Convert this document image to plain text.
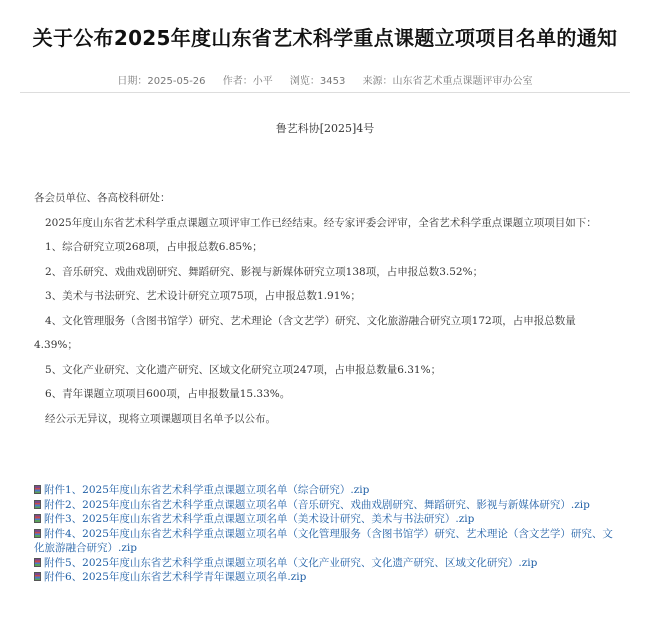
关于公布2025年度山东省艺术科学重点课题立项项目名单的通知
日期：2025-05-26 作者：小平 浏览：3453 来源：山东省艺术重点课题评审办公室
鲁艺科协[2025]4号

各会员单位、各高校科研处：

2025年度山东省艺术科学重点课题立项评审工作已经结束。经专家评委会评审，全省艺术科学重点课题立项项目如下：

1、综合研究立项268项，占申报总数6.85%；

2、音乐研究、戏曲戏剧研究、舞蹈研究、影视与新媒体研究立项138项，占申报总数3.52%；

3、美术与书法研究、艺术设计研究立项75项，占申报总数1.91%；

4、文化管理服务（含图书馆学）研究、艺术理论（含文艺学）研究、文化旅游融合研究立项172项，占申报总数量4.39%；

5、文化产业研究、文化遗产研究、区域文化研究立项247项，占申报总数量6.31%；

6、青年课题立项项目600项，占申报数量15.33%。

经公示无异议，现将立项课题项目名单予以公布。

附件1、2025年度山东省艺术科学重点课题立项名单（综合研究）.zip
附件2、2025年度山东省艺术科学重点课题立项名单（音乐研究、戏曲戏剧研究、舞蹈研究、影视与新媒体研究）.zip
附件3、2025年度山东省艺术科学重点课题立项名单（美术设计研究、美术与书法研究）.zip
附件4、2025年度山东省艺术科学重点课题立项名单（文化管理服务（含图书馆学）研究、艺术理论（含文艺学）研究、文化旅游融合研究）.zip
附件5、2025年度山东省艺术科学重点课题立项名单（文化产业研究、文化遗产研究、区域文化研究）.zip
附件6、2025年度山东省艺术科学青年课题立项名单.zip
